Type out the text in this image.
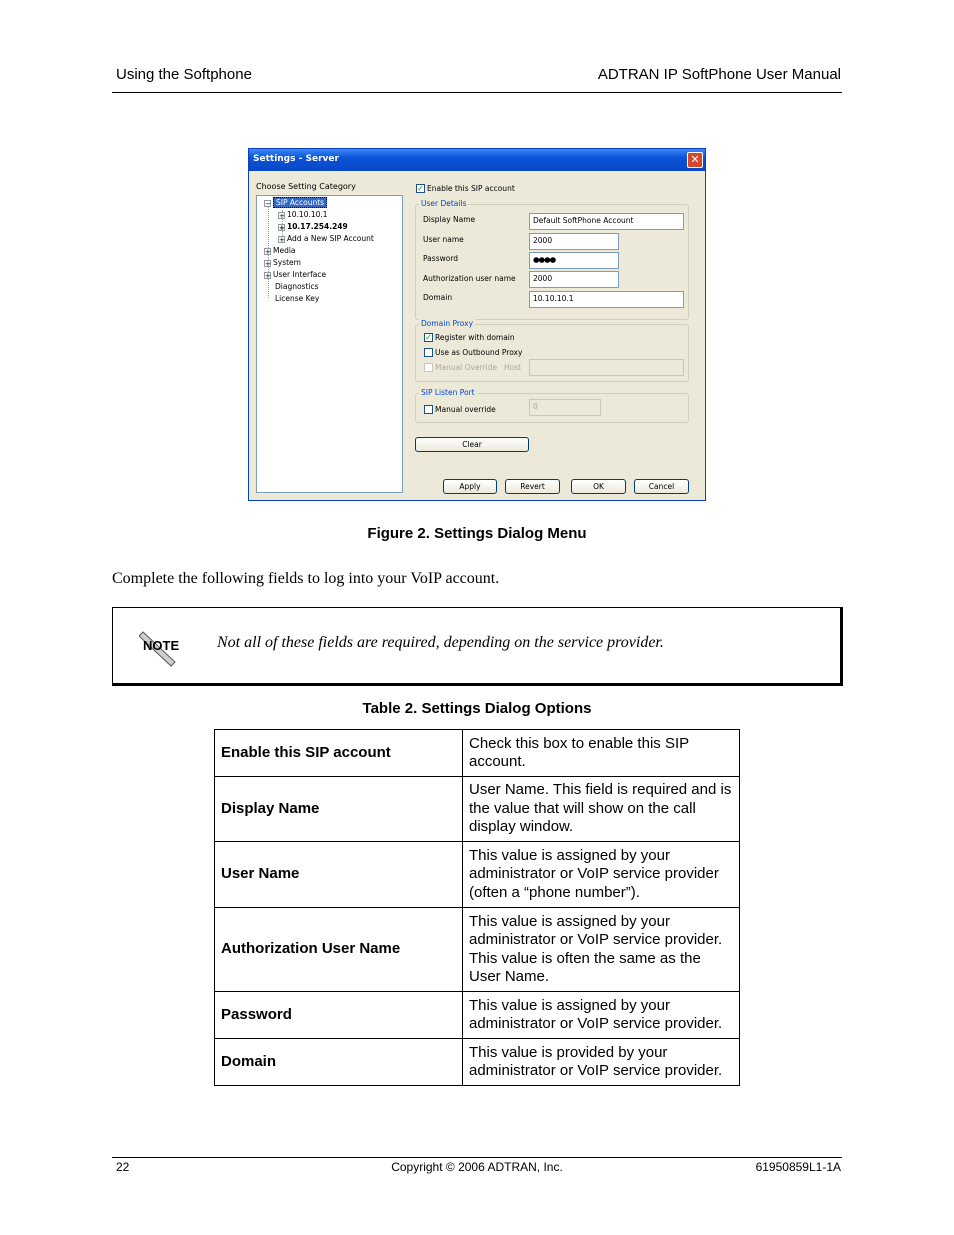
Using the Softphone	ADTRAN IP SoftPhone User Manual
Settings - Server	✕
Choose Setting Category
− SIP Accounts
+ 10.10.10.1
+ 10.17.254.249
+ Add a New SIP Account
+ Media
+ System
+ User Interface
Diagnostics
License Key
✓ Enable this SIP account
User Details
Display Name	Default SoftPhone Account
User name	2000
Password	●●●●
Authorization user name	2000
Domain	10.10.10.1
Domain Proxy
✓ Register with domain
Use as Outbound Proxy
Manual Override Host
SIP Listen Port
Manual override	0
Clear
Apply	Revert	OK	Cancel
Figure 2. Settings Dialog Menu
Complete the following fields to log into your VoIP account.
NOTE Not all of these fields are required, depending on the service provider.
Table 2. Settings Dialog Options
Enable this SIP account	Check this box to enable this SIP account.
Display Name	User Name. This field is required and is the value that will show on the call display window.
User Name	This value is assigned by your administrator or VoIP service provider (often a “phone number”).
Authorization User Name	This value is assigned by your administrator or VoIP service provider. This value is often the same as the User Name.
Password	This value is assigned by your administrator or VoIP service provider.
Domain	This value is provided by your administrator or VoIP service provider.
22	Copyright © 2006 ADTRAN, Inc.	61950859L1-1A
